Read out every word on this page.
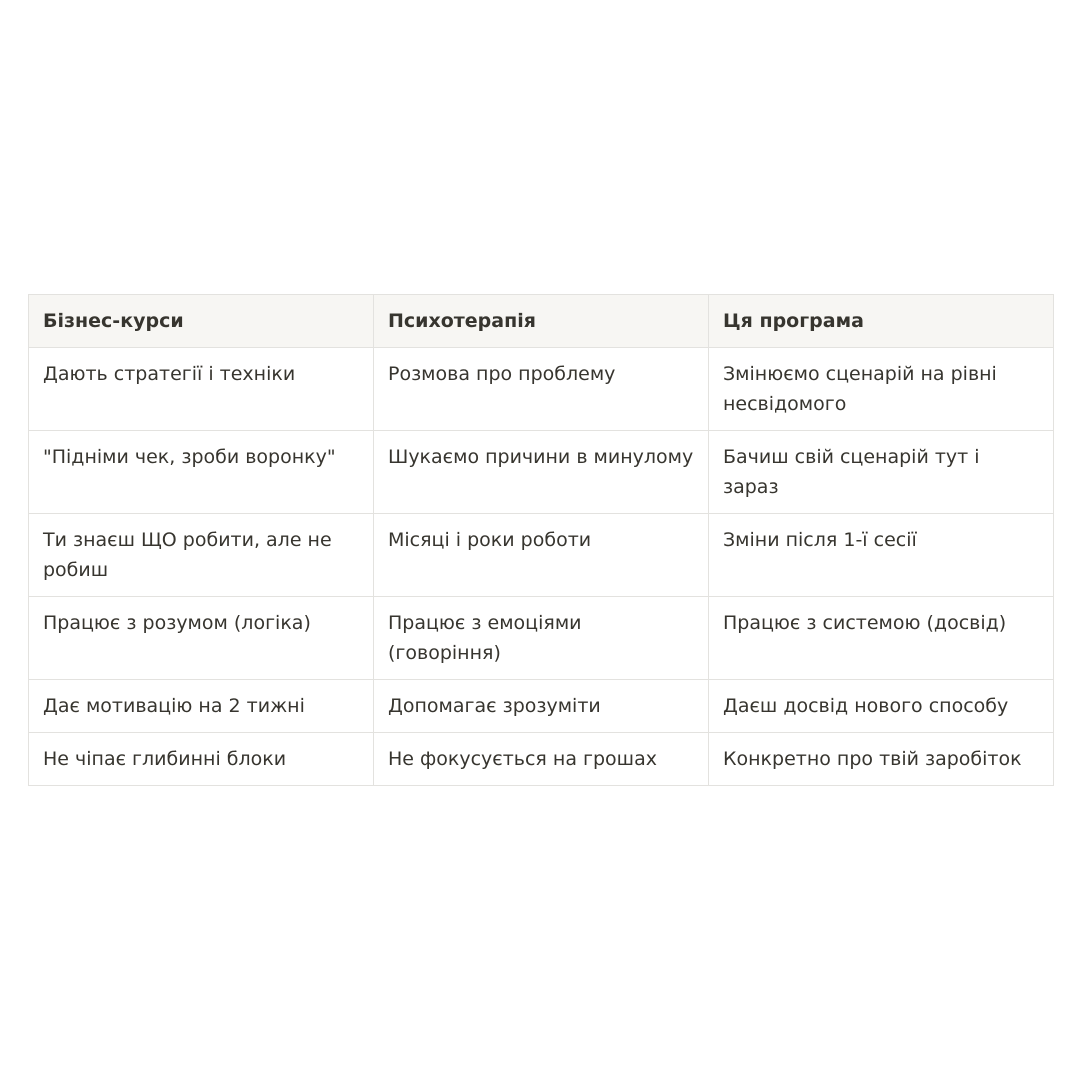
Бізнес-курси	Психотерапія	Ця програма
Дають стратегії і техніки	Розмова про проблему	Змінюємо сценарій на рівні несвідомого
"Підніми чек, зроби воронку"	Шукаємо причини в минулому	Бачиш свій сценарій тут і зараз
Ти знаєш ЩО робити, але не робиш	Місяці і роки роботи	Зміни після 1-ї сесії
Працює з розумом (логіка)	Працює з емоціями (говоріння)	Працює з системою (досвід)
Дає мотивацію на 2 тижні	Допомагає зрозуміти	Даєш досвід нового способу
Не чіпає глибинні блоки	Не фокусується на грошах	Конкретно про твій заробіток
